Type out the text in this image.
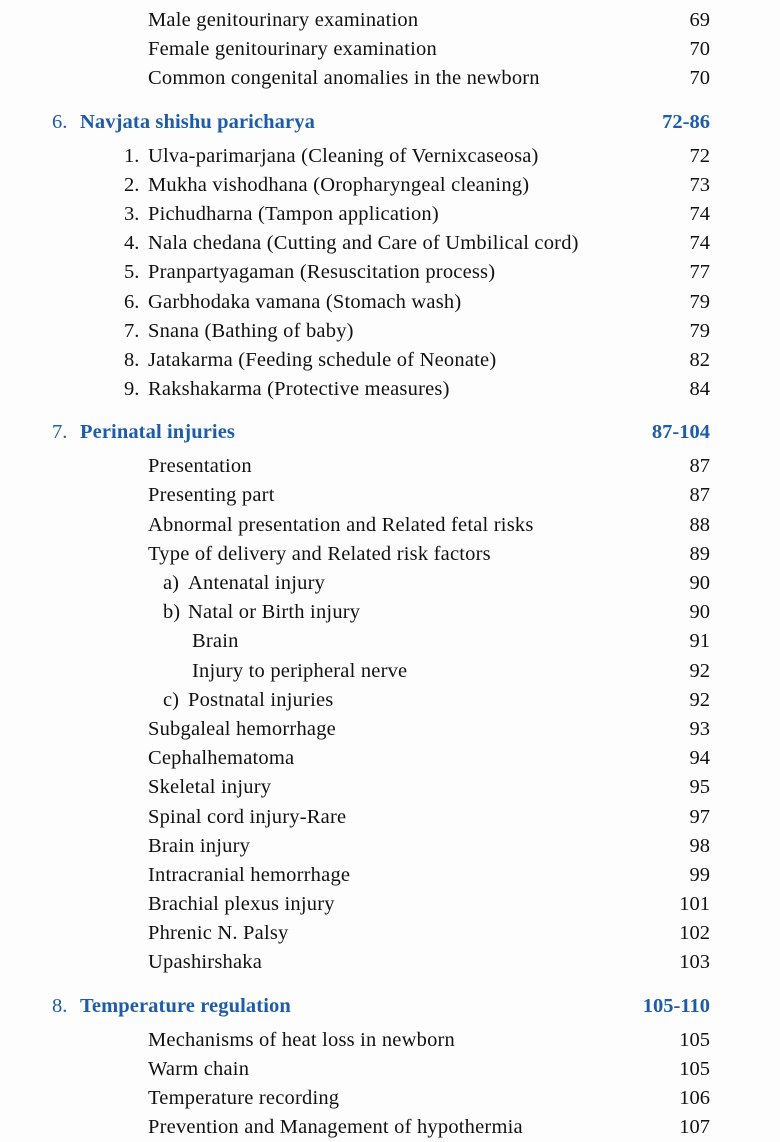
Male genitourinary examination	69
Female genitourinary examination	70
Common congenital anomalies in the newborn	70
6. Navjata shishu paricharya	72-86
1. Ulva-parimarjana (Cleaning of Vernixcaseosa)	72
2. Mukha vishodhana (Oropharyngeal cleaning)	73
3. Pichudharna (Tampon application)	74
4. Nala chedana (Cutting and Care of Umbilical cord)	74
5. Pranpartyagaman (Resuscitation process)	77
6. Garbhodaka vamana (Stomach wash)	79
7. Snana (Bathing of baby)	79
8. Jatakarma (Feeding schedule of Neonate)	82
9. Rakshakarma (Protective measures)	84
7. Perinatal injuries	87-104
Presentation	87
Presenting part	87
Abnormal presentation and Related fetal risks	88
Type of delivery and Related risk factors	89
a) Antenatal injury	90
b) Natal or Birth injury	90
Brain	91
Injury to peripheral nerve	92
c) Postnatal injuries	92
Subgaleal hemorrhage	93
Cephalhematoma	94
Skeletal injury	95
Spinal cord injury-Rare	97
Brain injury	98
Intracranial hemorrhage	99
Brachial plexus injury	101
Phrenic N. Palsy	102
Upashirshaka	103
8. Temperature regulation	105-110
Mechanisms of heat loss in newborn	105
Warm chain	105
Temperature recording	106
Prevention and Management of hypothermia	107
